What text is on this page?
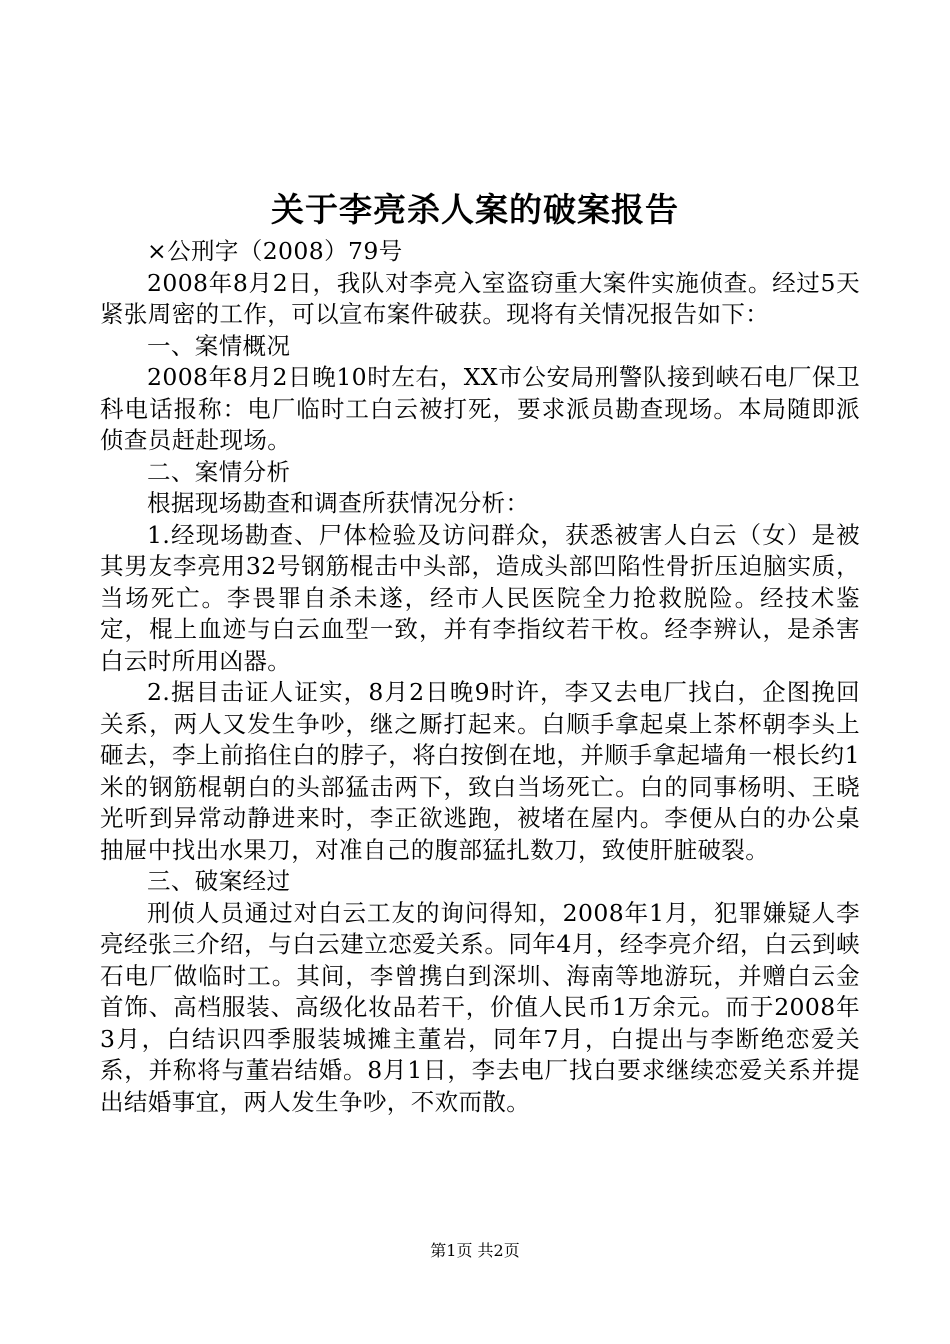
关于李亮杀人案的破案报告

×公刑字（2008）79号

2008年8月2日，我队对李亮入室盗窃重大案件实施侦查。经过5天紧张周密的工作，可以宣布案件破获。现将有关情况报告如下：

一、案情概况

2008年8月2日晚10时左右，XX市公安局刑警队接到峡石电厂保卫科电话报称：电厂临时工白云被打死，要求派员勘查现场。本局随即派侦查员赶赴现场。

二、案情分析

根据现场勘查和调查所获情况分析：

1.经现场勘查、尸体检验及访问群众，获悉被害人白云（女）是被其男友李亮用32号钢筋棍击中头部，造成头部凹陷性骨折压迫脑实质，当场死亡。李畏罪自杀未遂，经市人民医院全力抢救脱险。经技术鉴定，棍上血迹与白云血型一致，并有李指纹若干枚。经李辨认，是杀害白云时所用凶器。

2.据目击证人证实，8月2日晚9时许，李又去电厂找白，企图挽回关系，两人又发生争吵，继之厮打起来。白顺手拿起桌上茶杯朝李头上砸去，李上前掐住白的脖子，将白按倒在地，并顺手拿起墙角一根长约1米的钢筋棍朝白的头部猛击两下，致白当场死亡。白的同事杨明、王晓光听到异常动静进来时，李正欲逃跑，被堵在屋内。李便从白的办公桌抽屉中找出水果刀，对准自己的腹部猛扎数刀，致使肝脏破裂。

三、破案经过

刑侦人员通过对白云工友的询问得知，2008年1月，犯罪嫌疑人李亮经张三介绍，与白云建立恋爱关系。同年4月，经李亮介绍，白云到峡石电厂做临时工。其间，李曾携白到深圳、海南等地游玩，并赠白云金首饰、高档服装、高级化妆品若干，价值人民币1万余元。而于2008年3月，白结识四季服装城摊主董岩，同年7月，白提出与李断绝恋爱关系，并称将与董岩结婚。8月1日，李去电厂找白要求继续恋爱关系并提出结婚事宜，两人发生争吵，不欢而散。

第1页 共2页
